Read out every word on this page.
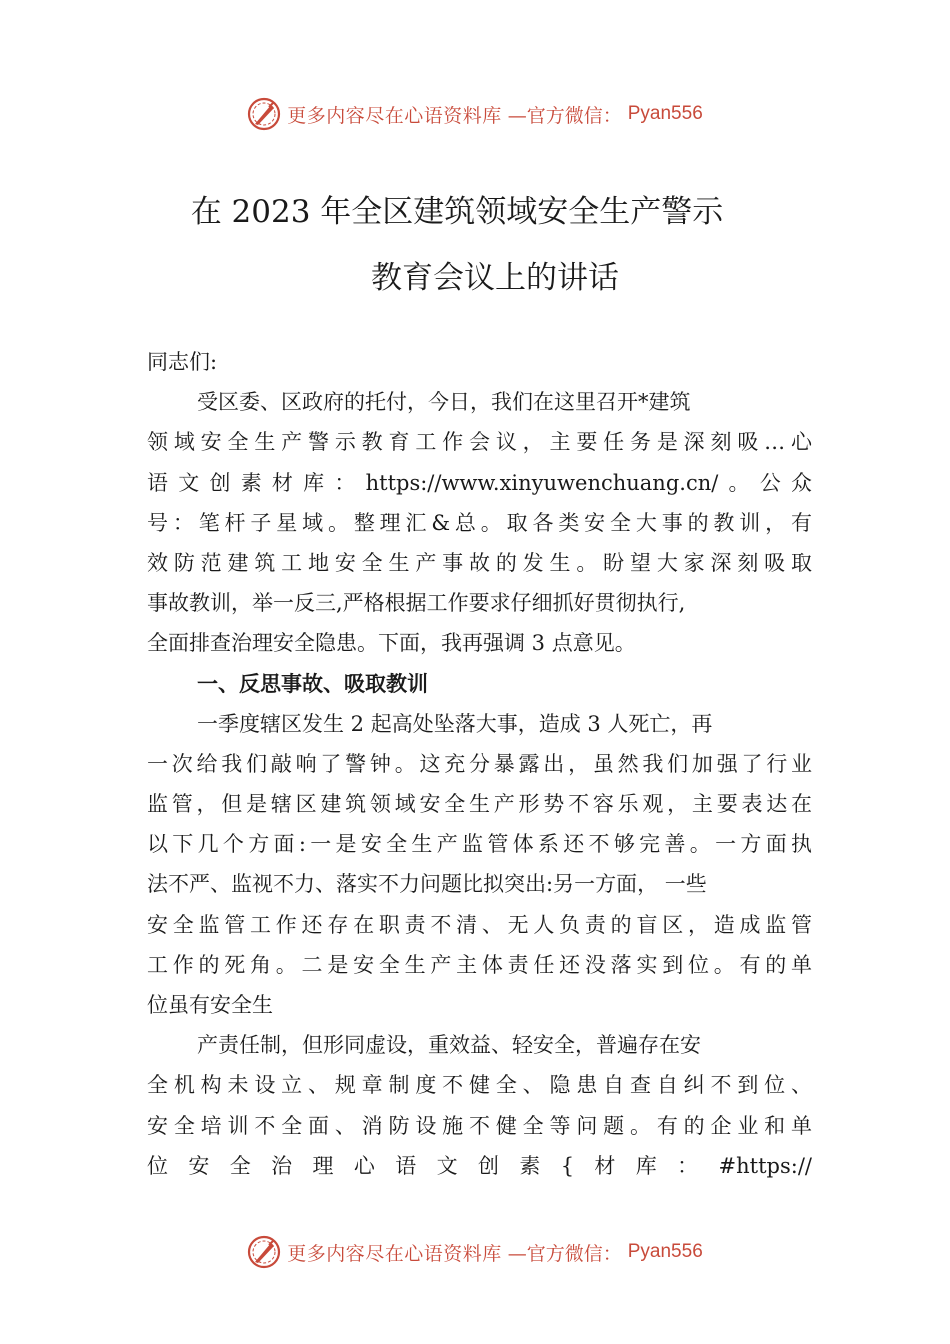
更多内容尽在心语资料库 —官方微信： Pyan556
在 2023 年全区建筑领域安全生产警示
教育会议上的讲话
同志们:
受区委、区政府的托付，今日，我们在这里召开*建筑
领域安全生产警示教育工作会议，主要任务是深刻吸…心
语文创素材库：https://www.xinyuwenchuang.cn/。公众
号：笔杆子星域。整理汇&总。取各类安全大事的教训，有
效防范建筑工地安全生产事故的发生。盼望大家深刻吸取
事故教训，举一反三,严格根据工作要求仔细抓好贯彻执行,
全面排查治理安全隐患。下面，我再强调 3 点意见。
一、反思事故、吸取教训
一季度辖区发生 2 起高处坠落大事，造成 3 人死亡，再
一次给我们敲响了警钟。这充分暴露出，虽然我们加强了行业
监管，但是辖区建筑领域安全生产形势不容乐观，主要表达在
以下几个方面:一是安全生产监管体系还不够完善。一方面执
法不严、监视不力、落实不力问题比拟突出:另一方面， 一些
安全监管工作还存在职责不清、无人负责的盲区，造成监管
工作的死角。二是安全生产主体责任还没落实到位。有的单
位虽有安全生
产责任制，但形同虚设，重效益、轻安全，普遍存在安
全机构未设立、规章制度不健全、隐患自查自纠不到位、
安全培训不全面、消防设施不健全等问题。有的企业和单
位安全治理心语文创素{材库：#https://
更多内容尽在心语资料库 —官方微信： Pyan556
